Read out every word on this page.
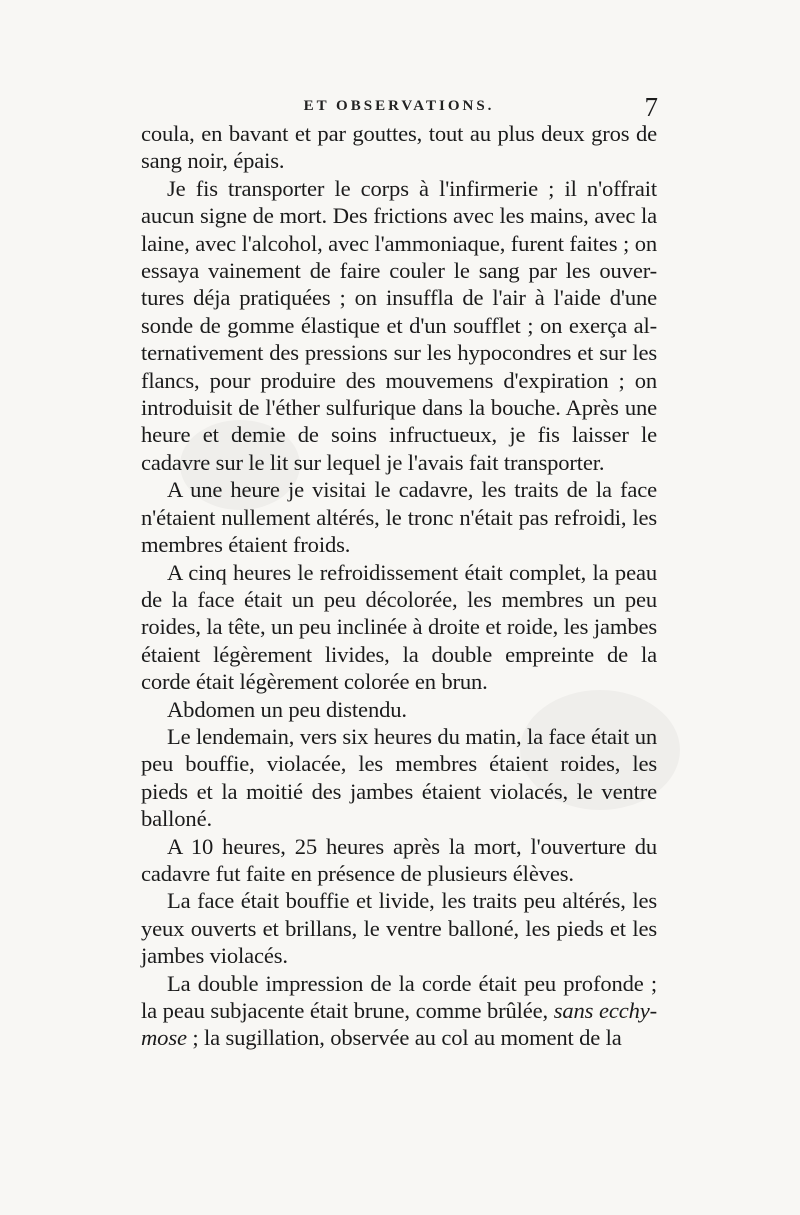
ET OBSERVATIONS.	7

coula, en bavant et par gouttes, tout au plus deux gros de sang noir, épais.

Je fis transporter le corps à l'infirmerie ; il n'offrait aucun signe de mort. Des frictions avec les mains, avec la laine, avec l'alcohol, avec l'ammoniaque, furent faites ; on essaya vainement de faire couler le sang par les ouver-tures déja pratiquées ; on insuffla de l'air à l'aide d'une sonde de gomme élastique et d'un soufflet ; on exerça al-ternativement des pressions sur les hypocondres et sur les flancs, pour produire des mouvemens d'expiration ; on introduisit de l'éther sulfurique dans la bouche. Après une heure et demie de soins infructueux, je fis laisser le cadavre sur le lit sur lequel je l'avais fait transporter.

A une heure je visitai le cadavre, les traits de la face n'étaient nullement altérés, le tronc n'était pas refroidi, les membres étaient froids.

A cinq heures le refroidissement était complet, la peau de la face était un peu décolorée, les membres un peu roides, la tête, un peu inclinée à droite et roide, les jambes étaient légèrement livides, la double empreinte de la corde était légèrement colorée en brun.

Abdomen un peu distendu.

Le lendemain, vers six heures du matin, la face était un peu bouffie, violacée, les membres étaient roides, les pieds et la moitié des jambes étaient violacés, le ventre balloné.

A 10 heures, 25 heures après la mort, l'ouverture du cadavre fut faite en présence de plusieurs élèves.

La face était bouffie et livide, les traits peu altérés, les yeux ouverts et brillans, le ventre balloné, les pieds et les jambes violacés.

La double impression de la corde était peu profonde ; la peau subjacente était brune, comme brûlée, sans ecchy-mose ; la sugillation, observée au col au moment de la
